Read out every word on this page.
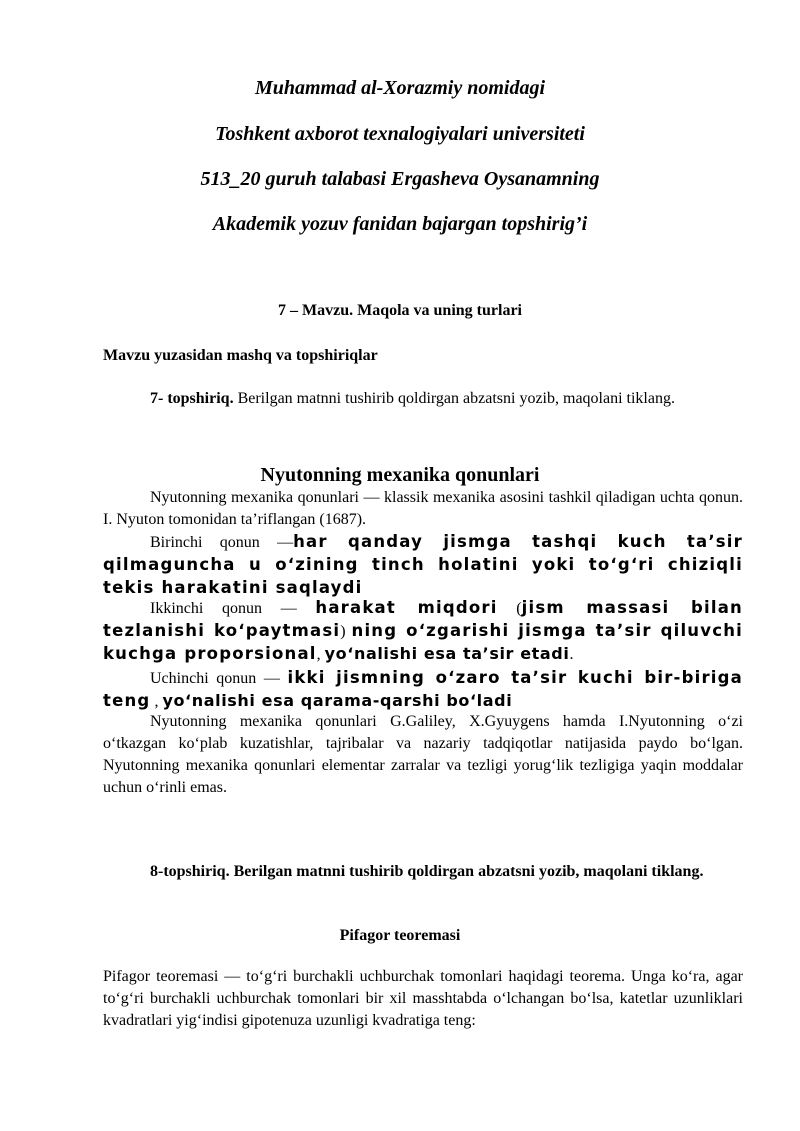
Muhammad al-Xorazmiy nomidagi
Toshkent axborot texnalogiyalari universiteti
513_20 guruh talabasi Ergasheva Oysanamning
Akademik yozuv fanidan bajargan topshirig’i
7 – Mavzu. Maqola va uning turlari
Mavzu yuzasidan mashq va topshiriqlar
7- topshiriq. Berilgan matnni tushirib qoldirgan abzatsni yozib, maqolani tiklang.
Nyutonning mexanika qonunlari
Nyutonning mexanika qonunlari — klassik mexanika asosini tashkil qiladigan uchta qonun. I. Nyuton tomonidan ta’riflangan (1687).
Birinchi qonun —har qanday jismga tashqi kuch taʼsir qilmaguncha u oʻzining tinch holatini yoki toʻgʻri chiziqli tekis harakatini saqlaydi
Ikkinchi qonun — harakat miqdori (jism massasi bilan tezlanishi koʻpaytmasi) ning oʻzgarishi jismga taʼsir qiluvchi kuchga proporsional, yoʻnalishi esa taʼsir etadi.
Uchinchi qonun — ikki jismning oʻzaro taʼsir kuchi bir-biriga teng , yoʻnalishi esa qarama-qarshi boʻladi
Nyutonning mexanika qonunlari G.Galiley, X.Gyuygens hamda I.Nyutonning o‘zi o‘tkazgan ko‘plab kuzatishlar, tajribalar va nazariy tadqiqotlar natijasida paydo bo‘lgan. Nyutonning mexanika qonunlari elementar zarralar va tezligi yorug‘lik tezligiga yaqin moddalar uchun o‘rinli emas.
8-topshiriq. Berilgan matnni tushirib qoldirgan abzatsni yozib, maqolani tiklang.
Pifagor teoremasi
Pifagor teoremasi — to‘g‘ri burchakli uchburchak tomonlari haqidagi teorema. Unga ko‘ra, agar to‘g‘ri burchakli uchburchak tomonlari bir xil masshtabda o‘lchangan bo‘lsa, katetlar uzunliklari kvadratlari yig‘indisi gipotenuza uzunligi kvadratiga teng:
